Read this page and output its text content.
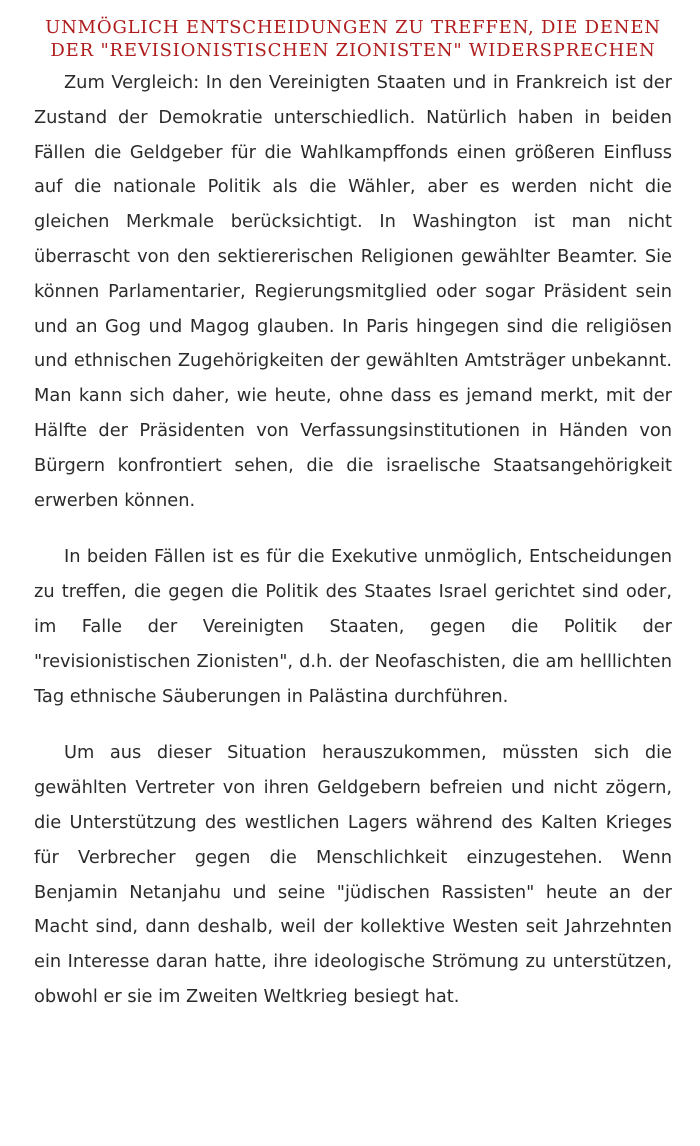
UNMÖGLICH ENTSCHEIDUNGEN ZU TREFFEN, DIE DENEN DER "REVISIONISTISCHEN ZIONISTEN" WIDERSPRECHEN

Zum Vergleich: In den Vereinigten Staaten und in Frankreich ist der Zustand der Demokratie unterschiedlich. Natürlich haben in beiden Fällen die Geldgeber für die Wahlkampffonds einen größeren Einfluss auf die nationale Politik als die Wähler, aber es werden nicht die gleichen Merkmale berücksichtigt. In Washington ist man nicht überrascht von den sektiererischen Religionen gewählter Beamter. Sie können Parlamentarier, Regierungsmitglied oder sogar Präsident sein und an Gog und Magog glauben. In Paris hingegen sind die religiösen und ethnischen Zugehörigkeiten der gewählten Amtsträger unbekannt. Man kann sich daher, wie heute, ohne dass es jemand merkt, mit der Hälfte der Präsidenten von Verfassungsinstitutionen in Händen von Bürgern konfrontiert sehen, die die israelische Staatsangehörigkeit erwerben können.

In beiden Fällen ist es für die Exekutive unmöglich, Entscheidungen zu treffen, die gegen die Politik des Staates Israel gerichtet sind oder, im Falle der Vereinigten Staaten, gegen die Politik der "revisionistischen Zionisten", d.h. der Neofaschisten, die am helllichten Tag ethnische Säuberungen in Palästina durchführen.

Um aus dieser Situation herauszukommen, müssten sich die gewählten Vertreter von ihren Geldgebern befreien und nicht zögern, die Unterstützung des westlichen Lagers während des Kalten Krieges für Verbrecher gegen die Menschlichkeit einzugestehen. Wenn Benjamin Netanjahu und seine "jüdischen Rassisten" heute an der Macht sind, dann deshalb, weil der kollektive Westen seit Jahrzehnten ein Interesse daran hatte, ihre ideologische Strömung zu unterstützen, obwohl er sie im Zweiten Weltkrieg besiegt hat.
